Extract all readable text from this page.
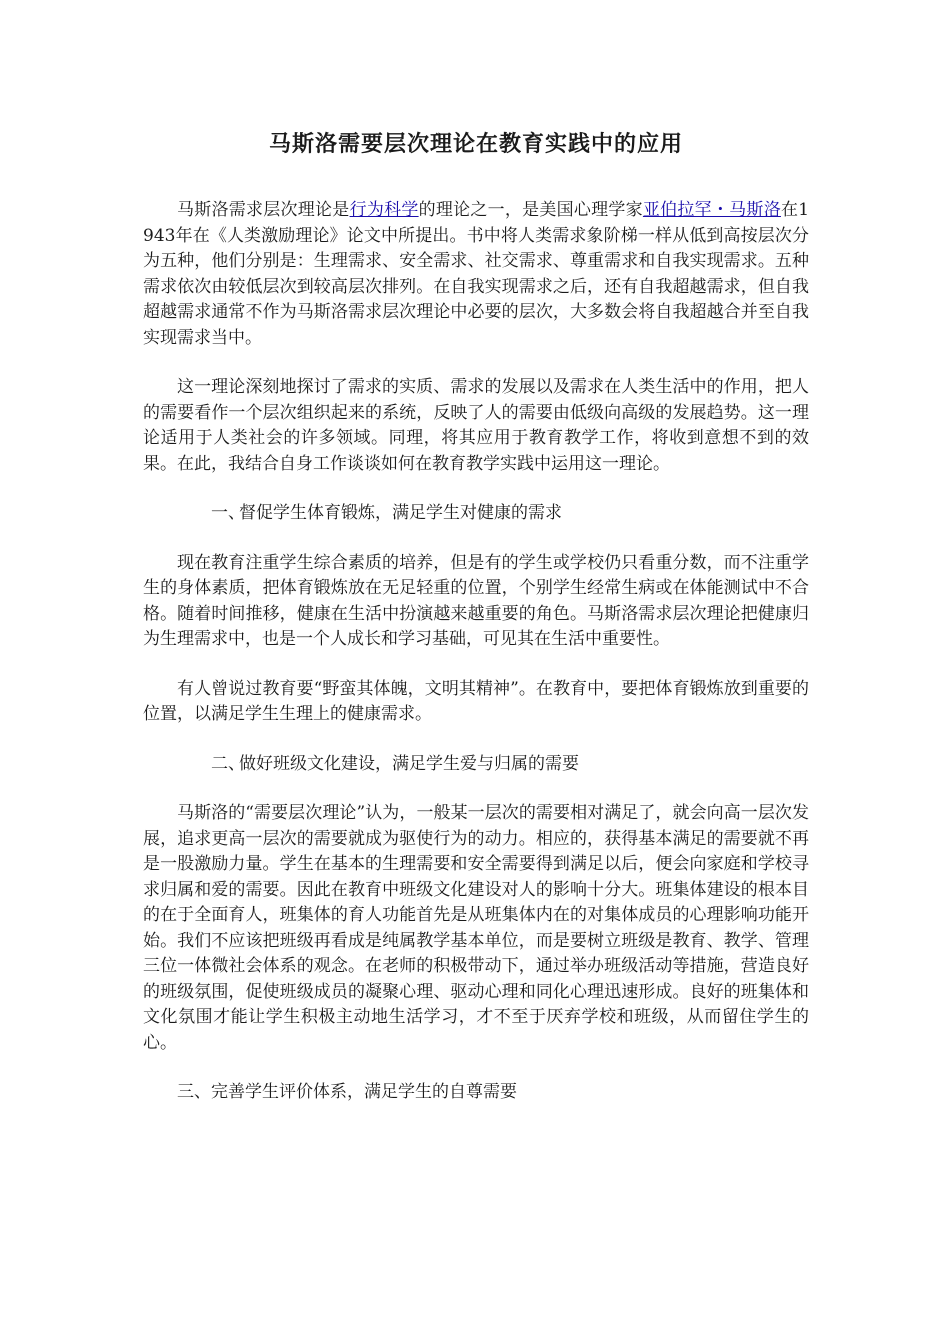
马斯洛需要层次理论在教育实践中的应用

马斯洛需求层次理论是行为科学的理论之一，是美国心理学家亚伯拉罕・马斯洛在1943年在《人类激励理论》论文中所提出。书中将人类需求象阶梯一样从低到高按层次分为五种，他们分别是：生理需求、安全需求、社交需求、尊重需求和自我实现需求。五种需求依次由较低层次到较高层次排列。在自我实现需求之后，还有自我超越需求，但自我超越需求通常不作为马斯洛需求层次理论中必要的层次，大多数会将自我超越合并至自我实现需求当中。

这一理论深刻地探讨了需求的实质、需求的发展以及需求在人类生活中的作用，把人的需要看作一个层次组织起来的系统，反映了人的需要由低级向高级的发展趋势。这一理论适用于人类社会的许多领域。同理，将其应用于教育教学工作，将收到意想不到的效果。在此，我结合自身工作谈谈如何在教育教学实践中运用这一理论。

一、督促学生体育锻炼，满足学生对健康的需求

现在教育注重学生综合素质的培养，但是有的学生或学校仍只看重分数，而不注重学生的身体素质，把体育锻炼放在无足轻重的位置，个别学生经常生病或在体能测试中不合格。随着时间推移，健康在生活中扮演越来越重要的角色。马斯洛需求层次理论把健康归为生理需求中，也是一个人成长和学习基础，可见其在生活中重要性。

有人曾说过教育要“野蛮其体魄，文明其精神”。在教育中，要把体育锻炼放到重要的位置，以满足学生生理上的健康需求。

二、做好班级文化建设，满足学生爱与归属的需要

马斯洛的“需要层次理论”认为，一般某一层次的需要相对满足了，就会向高一层次发展，追求更高一层次的需要就成为驱使行为的动力。相应的，获得基本满足的需要就不再是一股激励力量。学生在基本的生理需要和安全需要得到满足以后，便会向家庭和学校寻求归属和爱的需要。因此在教育中班级文化建设对人的影响十分大。班集体建设的根本目的在于全面育人，班集体的育人功能首先是从班集体内在的对集体成员的心理影响功能开始。我们不应该把班级再看成是纯属教学基本单位，而是要树立班级是教育、教学、管理三位一体微社会体系的观念。在老师的积极带动下，通过举办班级活动等措施，营造良好的班级氛围，促使班级成员的凝聚心理、驱动心理和同化心理迅速形成。良好的班集体和文化氛围才能让学生积极主动地生活学习，才不至于厌弃学校和班级，从而留住学生的心。

三、完善学生评价体系，满足学生的自尊需要
